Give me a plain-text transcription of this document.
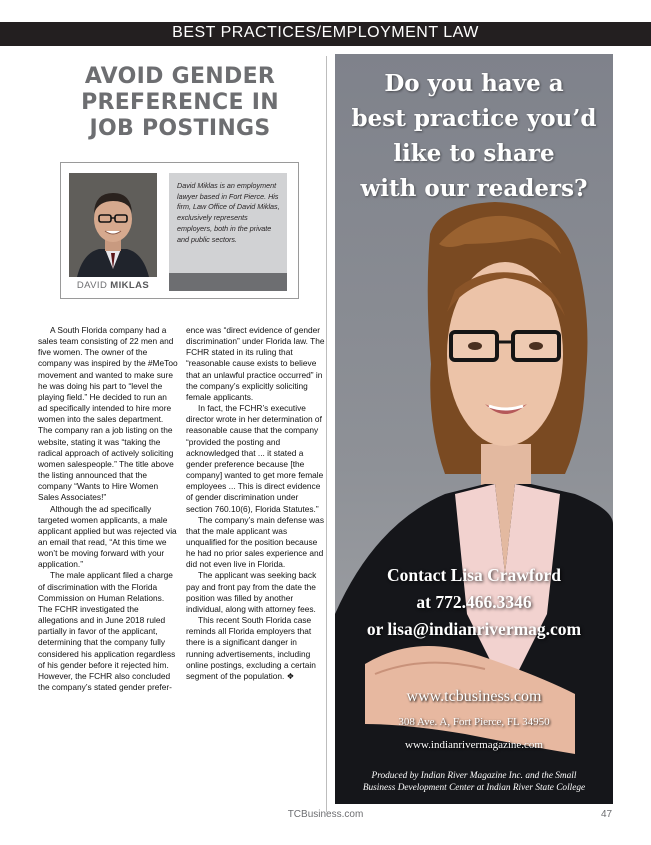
BEST PRACTICES/EMPLOYMENT LAW
AVOID GENDER
PREFERENCE IN
JOB POSTINGS
DAVID MIKLAS
David Miklas is an employment lawyer based in Fort Pierce. His firm, Law Office of David Miklas, exclusively represents employers, both in the private and public sectors.

A South Florida company had a sales team consisting of 22 men and five women. The owner of the company was inspired by the #MeToo movement and wanted to make sure he was doing his part to “level the playing field.” He decided to run an ad specifically intended to hire more women into the sales department. The company ran a job listing on the website, stating it was “taking the radical approach of actively soliciting women salespeople.” The title above the listing announced that the company “Wants to Hire Women Sales Associates!”

Although the ad specifically targeted women applicants, a male applicant applied but was rejected via an email that read, “At this time we won’t be moving forward with your application.”

The male applicant filed a charge of discrimination with the Florida Commission on Human Relations. The FCHR investigated the allegations and in June 2018 ruled partially in favor of the applicant, determining that the company fully considered his application regardless of his gender before it rejected him. However, the FCHR also concluded the company’s stated gender prefer-

ence was “direct evidence of gender discrimination” under Florida law. The FCHR stated in its ruling that “reasonable cause exists to believe that an unlawful practice occurred” in the company’s explicitly soliciting female applicants.

In fact, the FCHR’s executive director wrote in her determination of reasonable cause that the company “provided the posting and acknowledged that ... it stated a gender preference because [the company] wanted to get more female employees ... This is direct evidence of gender discrimination under section 760.10(6), Florida Statutes.”

The company’s main defense was that the male applicant was unqualified for the position because he had no prior sales experience and did not even live in Florida.

The applicant was seeking back pay and front pay from the date the position was filled by another individual, along with attorney fees.

This recent South Florida case reminds all Florida employers that there is a significant danger in running advertisements, including online postings, excluding a certain segment of the population. ❖

Do you have a
best practice you’d
like to share
with our readers?
Contact Lisa Crawford
at 772.466.3346
or lisa@indianrivermag.com
www.tcbusiness.com
308 Ave. A, Fort Pierce, FL 34950
www.indianrivermagazine.com
Produced by Indian River Magazine Inc. and the Small
Business Development Center at Indian River State College
TCBusiness.com	47
